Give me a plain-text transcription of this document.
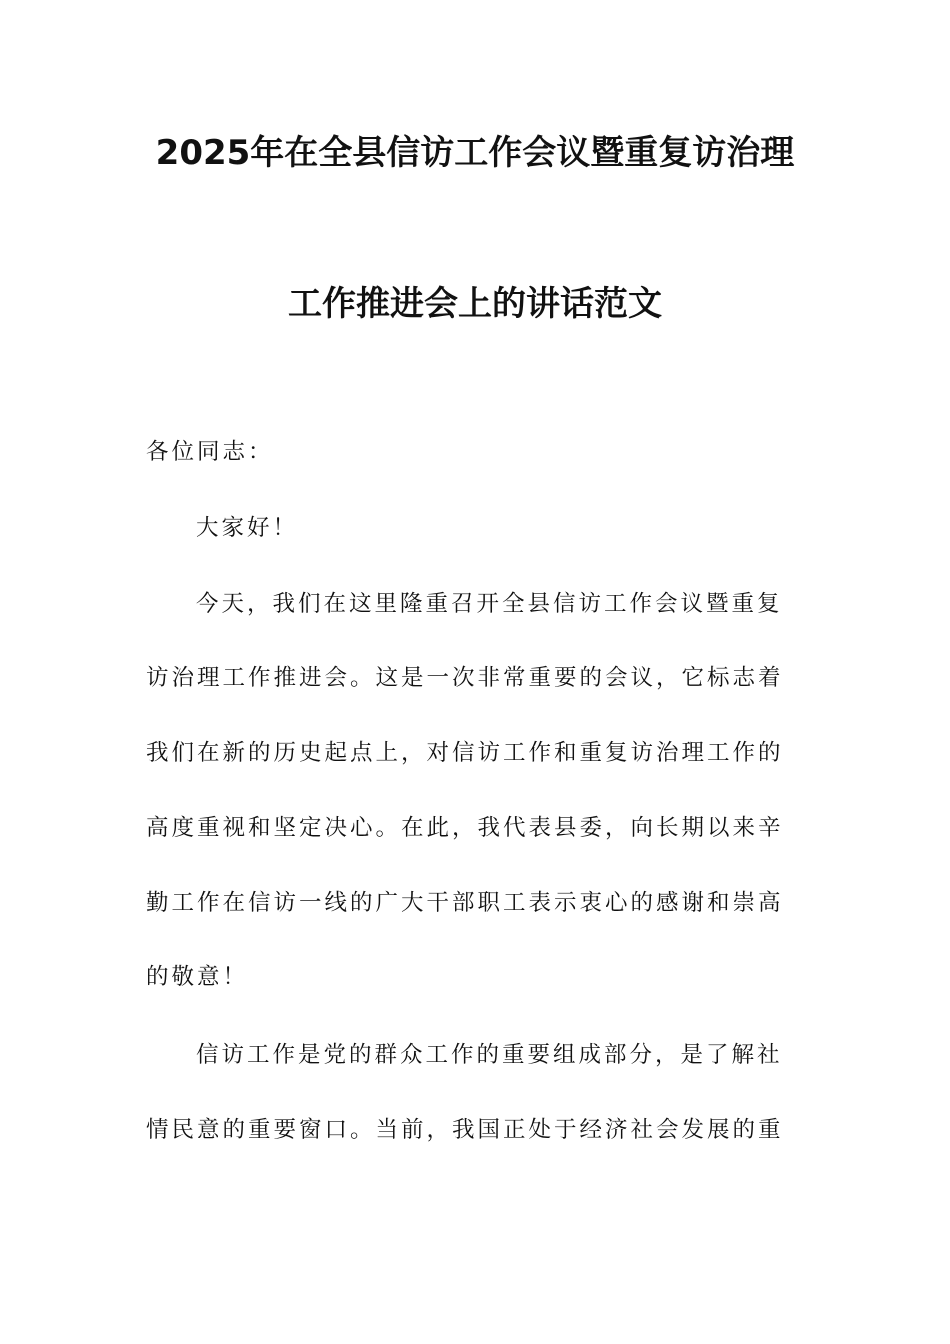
2025年在全县信访工作会议暨重复访治理
工作推进会上的讲话范文
各位同志：
大家好！
今天，我们在这里隆重召开全县信访工作会议暨重复
访治理工作推进会。这是一次非常重要的会议，它标志着
我们在新的历史起点上，对信访工作和重复访治理工作的
高度重视和坚定决心。在此，我代表县委，向长期以来辛
勤工作在信访一线的广大干部职工表示衷心的感谢和崇高
的敬意！
信访工作是党的群众工作的重要组成部分，是了解社
情民意的重要窗口。当前，我国正处于经济社会发展的重
